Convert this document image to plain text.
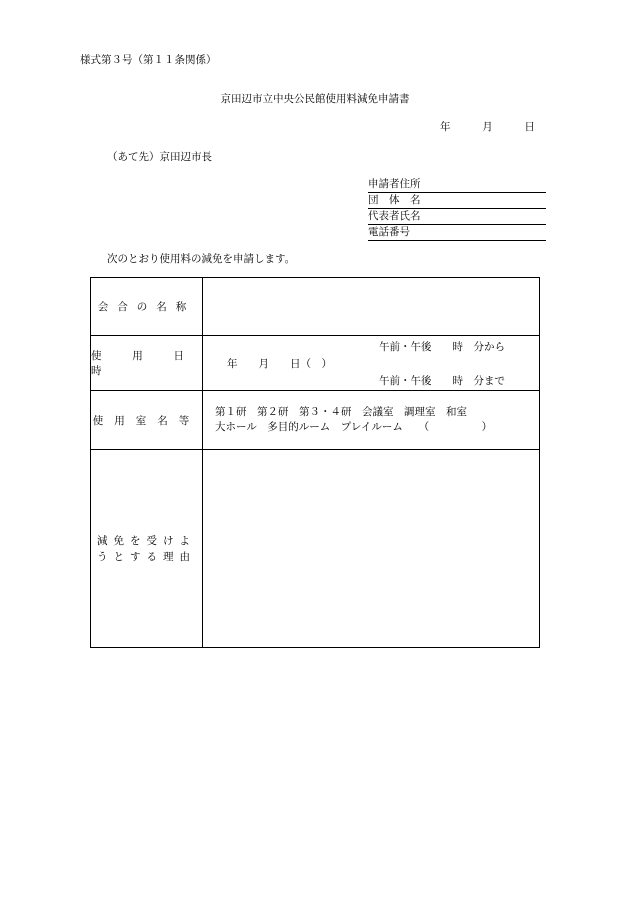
様式第３号（第１１条関係）
京田辺市立中央公民館使用料減免申請書
年	月	日
（あて先）京田辺市長
申請者住所
団　体　名
代表者氏名
電話番号
次のとおり使用料の減免を申請します。
会合の名称	
使用日時	午前・午後　　時　分から
年　　月　　日（　）
午前・午後　　時　分まで

使用室名等	第１研　第２研　第３・４研　会議室　調理室　和室
大ホール　多目的ルーム　プレイルーム　　（　　　　　）

減免を受けよ
うとする理由	
